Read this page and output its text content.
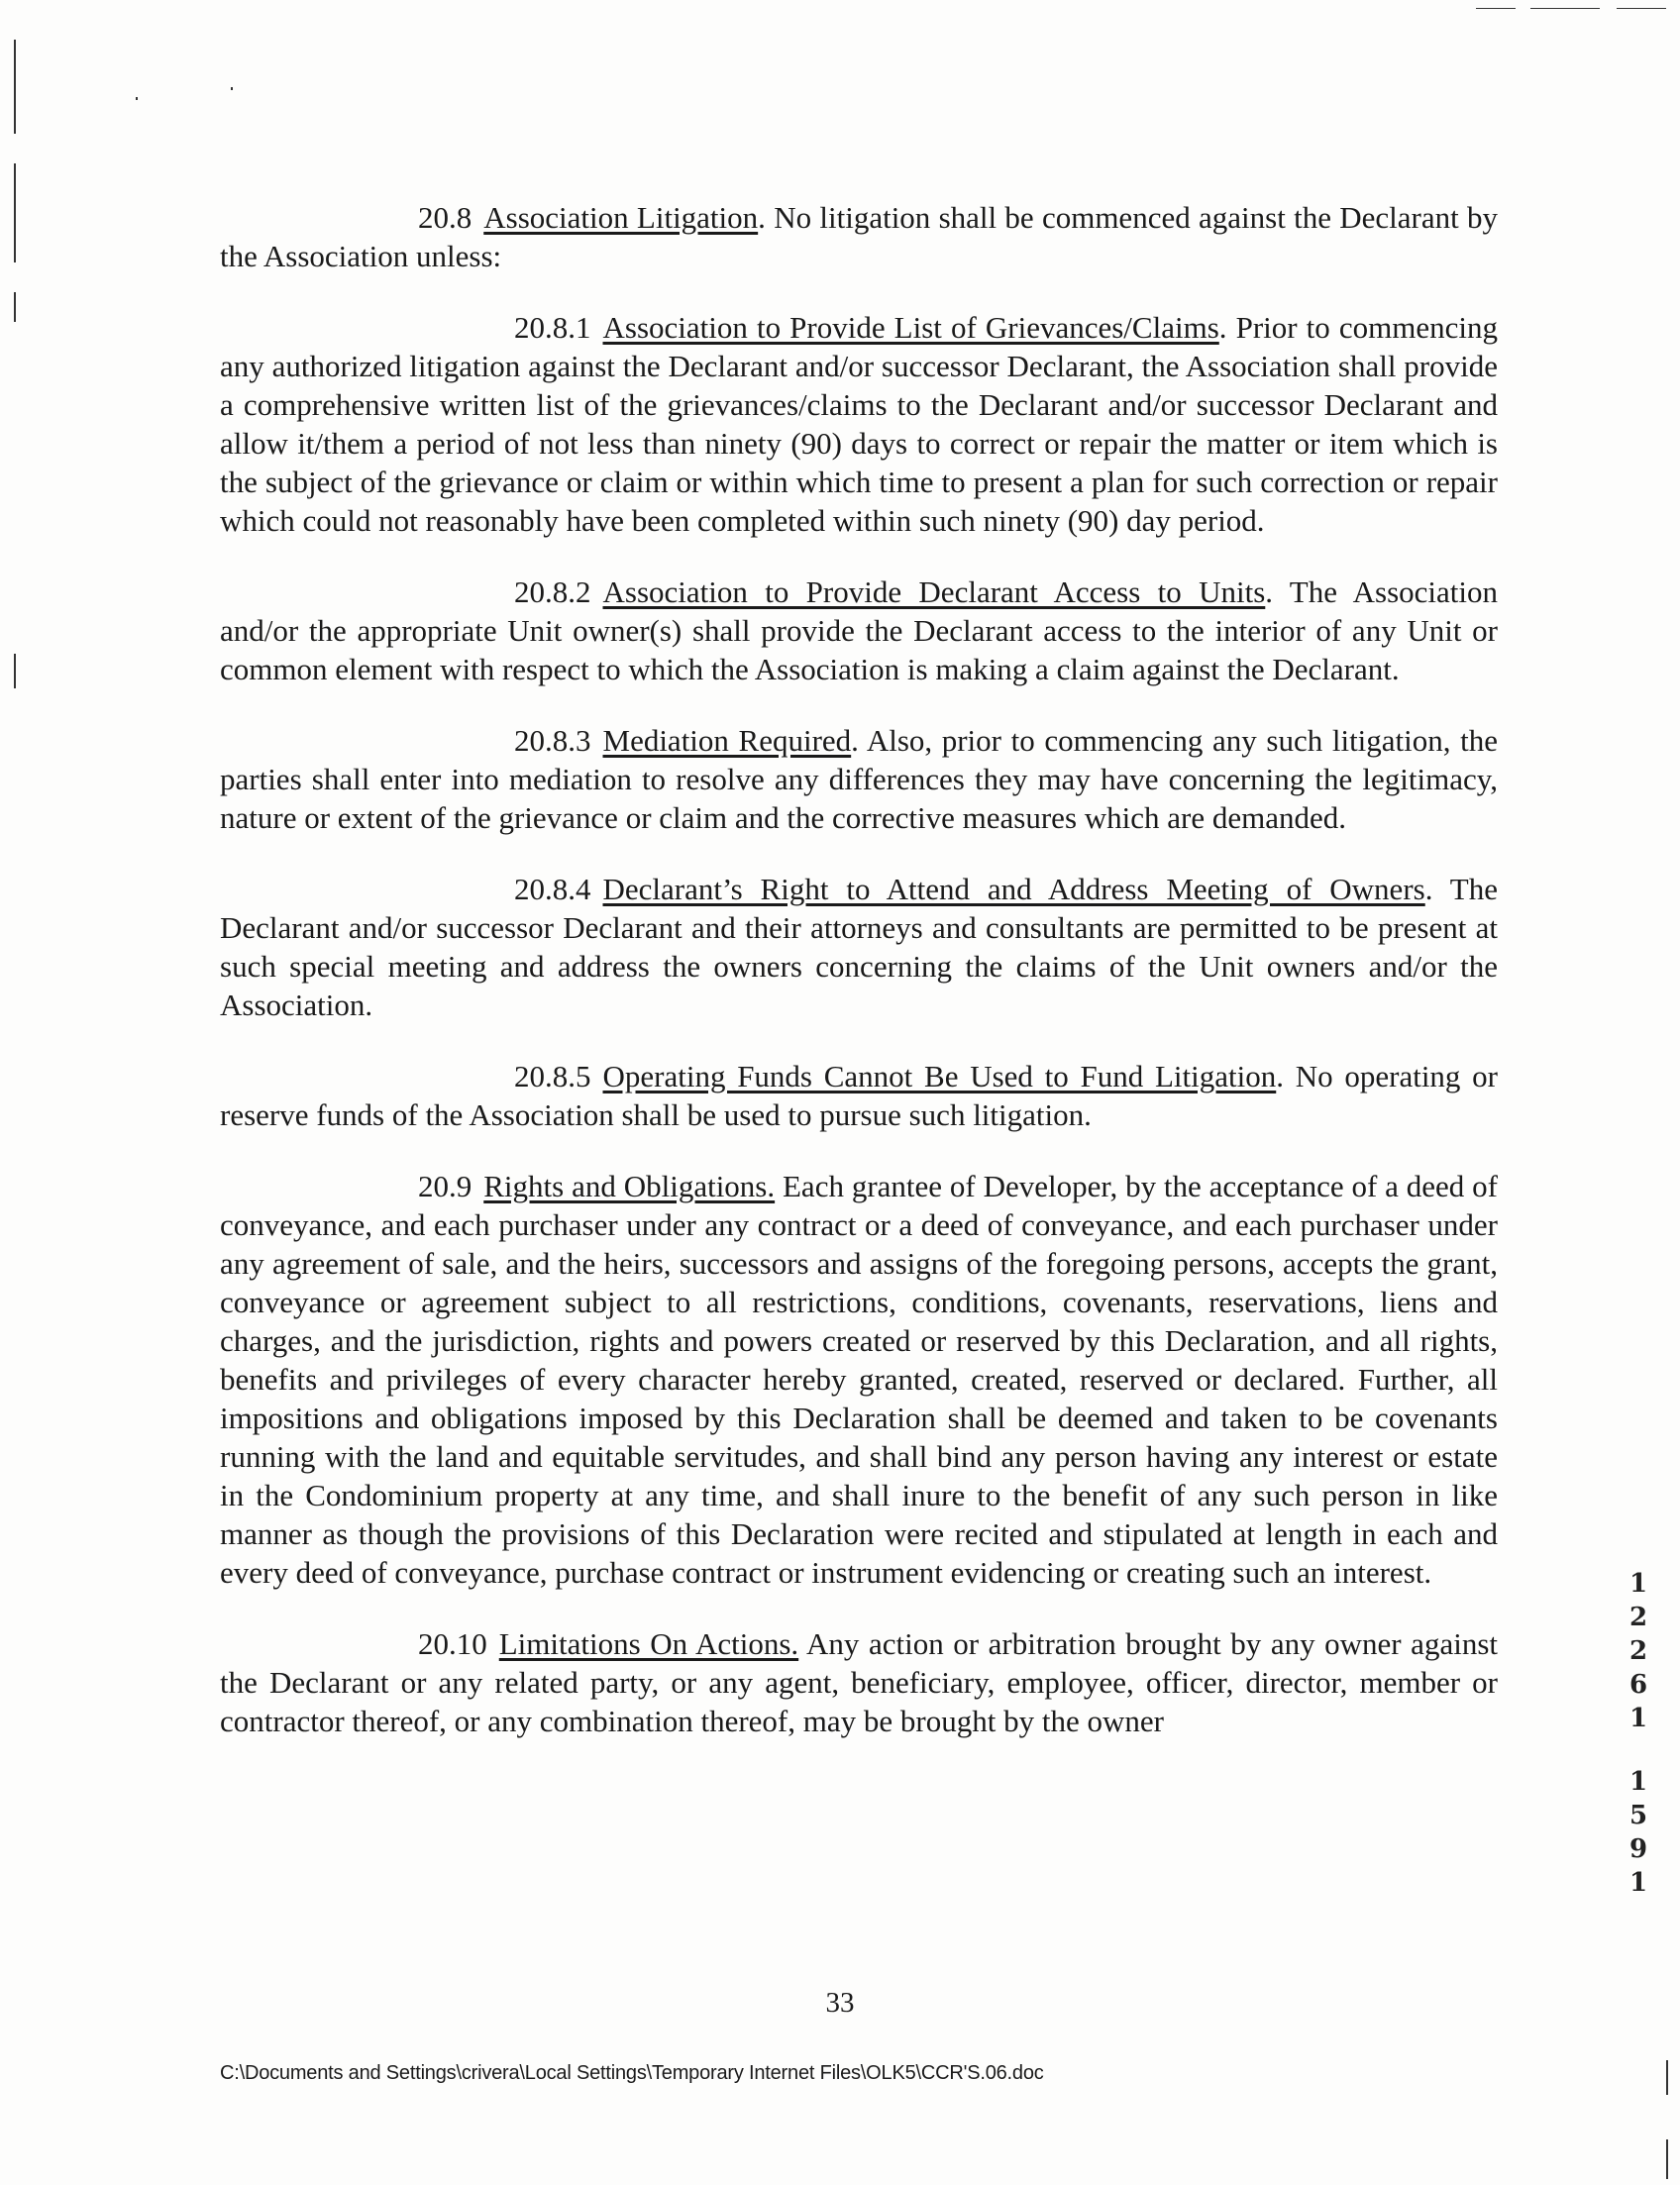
20.8 Association Litigation. No litigation shall be commenced against the Declarant by the Association unless:

20.8.1 Association to Provide List of Grievances/Claims. Prior to commencing any authorized litigation against the Declarant and/or successor Declarant, the Association shall provide a comprehensive written list of the grievances/claims to the Declarant and/or successor Declarant and allow it/them a period of not less than ninety (90) days to correct or repair the matter or item which is the subject of the grievance or claim or within which time to present a plan for such correction or repair which could not reasonably have been completed within such ninety (90) day period.

20.8.2 Association to Provide Declarant Access to Units. The Association and/or the appropriate Unit owner(s) shall provide the Declarant access to the interior of any Unit or common element with respect to which the Association is making a claim against the Declarant.

20.8.3 Mediation Required. Also, prior to commencing any such litigation, the parties shall enter into mediation to resolve any differences they may have concerning the legitimacy, nature or extent of the grievance or claim and the corrective measures which are demanded.

20.8.4 Declarant’s Right to Attend and Address Meeting of Owners. The Declarant and/or successor Declarant and their attorneys and consultants are permitted to be present at such special meeting and address the owners concerning the claims of the Unit owners and/or the Association.

20.8.5 Operating Funds Cannot Be Used to Fund Litigation. No operating or reserve funds of the Association shall be used to pursue such litigation.

20.9 Rights and Obligations. Each grantee of Developer, by the acceptance of a deed of conveyance, and each purchaser under any contract or a deed of conveyance, and each purchaser under any agreement of sale, and the heirs, successors and assigns of the foregoing persons, accepts the grant, conveyance or agreement subject to all restrictions, conditions, covenants, reservations, liens and charges, and the jurisdiction, rights and powers created or reserved by this Declaration, and all rights, benefits and privileges of every character hereby granted, created, reserved or declared. Further, all impositions and obligations imposed by this Declaration shall be deemed and taken to be covenants running with the land and equitable servitudes, and shall bind any person having any interest or estate in the Condominium property at any time, and shall inure to the benefit of any such person in like manner as though the provisions of this Declaration were recited and stipulated at length in each and every deed of conveyance, purchase contract or instrument evidencing or creating such an interest.

20.10 Limitations On Actions. Any action or arbitration brought by any owner against the Declarant or any related party, or any agent, beneficiary, employee, officer, director, member or contractor thereof, or any combination thereof, may be brought by the owner

33
C:\Documents and Settings\crivera\Local Settings\Temporary Internet Files\OLK5\CCR'S.06.doc
1
2
2
6
1
1
5
9
1
